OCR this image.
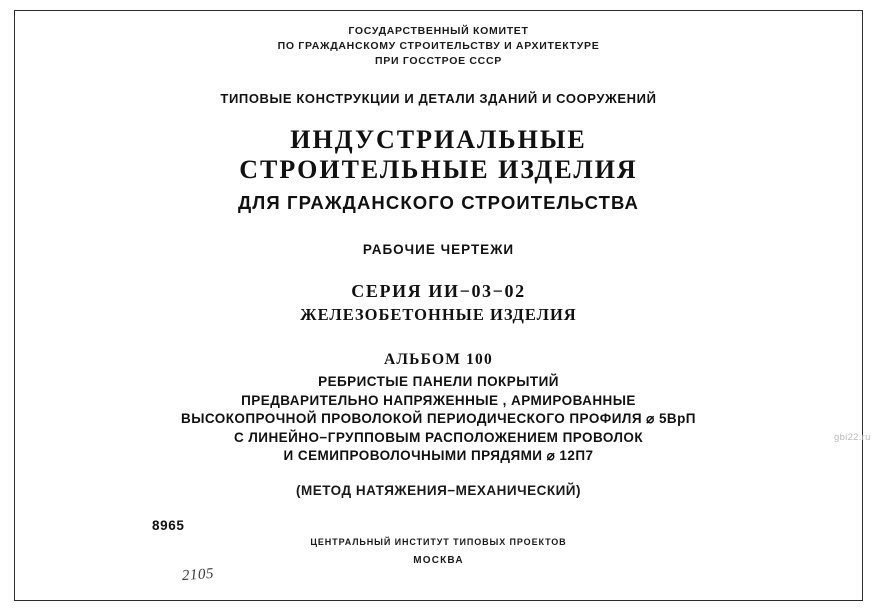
ГОСУДАРСТВЕННЫЙ КОМИТЕТ
ПО ГРАЖДАНСКОМУ СТРОИТЕЛЬСТВУ И АРХИТЕКТУРЕ
ПРИ ГОССТРОЕ СССР
ТИПОВЫЕ КОНСТРУКЦИИ И ДЕТАЛИ ЗДАНИЙ И СООРУЖЕНИЙ
ИНДУСТРИАЛЬНЫЕ
СТРОИТЕЛЬНЫЕ ИЗДЕЛИЯ
ДЛЯ ГРАЖДАНСКОГО СТРОИТЕЛЬСТВА
РАБОЧИЕ ЧЕРТЕЖИ
СЕРИЯ ИИ−03−02
ЖЕЛЕЗОБЕТОННЫЕ ИЗДЕЛИЯ
АЛЬБОМ 100
РЕБРИСТЫЕ ПАНЕЛИ ПОКРЫТИЙ
ПРЕДВАРИТЕЛЬНО НАПРЯЖЕННЫЕ , АРМИРОВАННЫЕ
ВЫСОКОПРОЧНОЙ ПРОВОЛОКОЙ ПЕРИОДИЧЕСКОГО ПРОФИЛЯ ⌀ 5ВрП
С ЛИНЕЙНО−ГРУППОВЫМ РАСПОЛОЖЕНИЕМ ПРОВОЛОК
И СЕМИПРОВОЛОЧНЫМИ ПРЯДЯМИ ⌀ 12П7
(МЕТОД НАТЯЖЕНИЯ−МЕХАНИЧЕСКИЙ)
8965
2105
ЦЕНТРАЛЬНЫЙ ИНСТИТУТ ТИПОВЫХ ПРОЕКТОВ
МОСКВА
gbi22.ru
